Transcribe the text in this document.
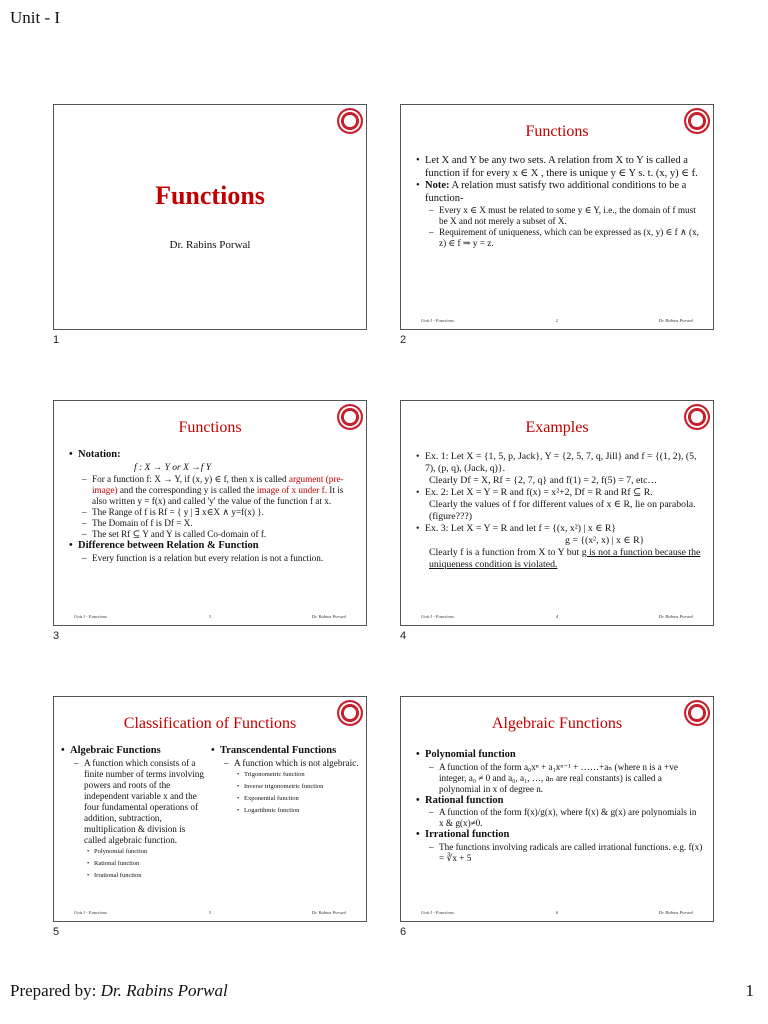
Unit - I
Functions
Dr. Rabins Porwal
1
Functions

• Let X and Y be any two sets. A relation from X to Y is called a function if for every x ∈ X , there is unique y ∈ Y s. t. (x, y) ∈ f.

• Note: A relation must satisfy two additional conditions to be a function-

– Every x ∈ X must be related to some y ∈ Y, i.e., the domain of f must be X and not merely a subset of X.

– Requirement of uniqueness, which can be expressed as (x, y) ∈ f ∧ (x, z) ∈ f ⇒ y = z.

Unit I - Functions	2	Dr. Rabins Porwal
2
Functions

• Notation:

f : X → Y or X →f Y

– For a function f: X → Y, if (x, y) ∈ f, then x is called argument (pre-image) and the corresponding y is called the image of x under f. It is also written y = f(x) and called 'y' the value of the function f at x.

– The Range of f is Rf = { y | ∃ x∈X ∧ y=f(x) }.

– The Domain of f is Df = X.

– The set Rf ⊆ Y and Y is called Co-domain of f.

• Difference between Relation & Function

– Every function is a relation but every relation is not a function.

Unit I - Functions	3	Dr. Rabins Porwal
3
Examples

• Ex. 1: Let X = {1, 5, p, Jack}, Y = {2, 5, 7, q, Jill} and f = {(1, 2), (5, 7), (p, q), (Jack, q)}.

Clearly Df = X, Rf = {2, 7, q} and f(1) = 2, f(5) = 7, etc…

• Ex. 2: Let X = Y = R and f(x) = x²+2, Df = R and Rf ⊆ R.

Clearly the values of f for different values of x ∈ R, lie on parabola. (figure???)

• Ex. 3: Let X = Y = R and let f = {(x, x²) | x ∈ R}

g = {(x², x) | x ∈ R}

Clearly f is a function from X to Y but g is not a function because the uniqueness condition is violated.

Unit I - Functions	4	Dr. Rabins Porwal
4
Classification of Functions

• Algebraic Functions

– A function which consists of a finite number of terms involving powers and roots of the independent variable x and the four fundamental operations of addition, subtraction, multiplication & division is called algebraic function.

• Polynomial function

• Rational function

• Irrational function

• Transcendental Functions

– A function which is not algebraic.

• Trigonometric function

• Inverse trigonometric function

• Exponential function

• Logarithmic function

Unit I - Functions	5	Dr. Rabins Porwal
5
Algebraic Functions

• Polynomial function

– A function of the form a₀xⁿ + a₁xⁿ⁻¹ + ……+aₙ (where n is a +ve integer, a₀ ≠ 0 and a₀, a₁, …, aₙ are real constants) is called a polynomial in x of degree n.

• Rational function

– A function of the form f(x)/g(x), where f(x) & g(x) are polynomials in x & g(x)≠0.

• Irrational function

– The functions involving radicals are called irrational functions. e.g. f(x) = ∛x + 5

Unit I - Functions	6	Dr. Rabins Porwal
6
Prepared by: Dr. Rabins Porwal	1
